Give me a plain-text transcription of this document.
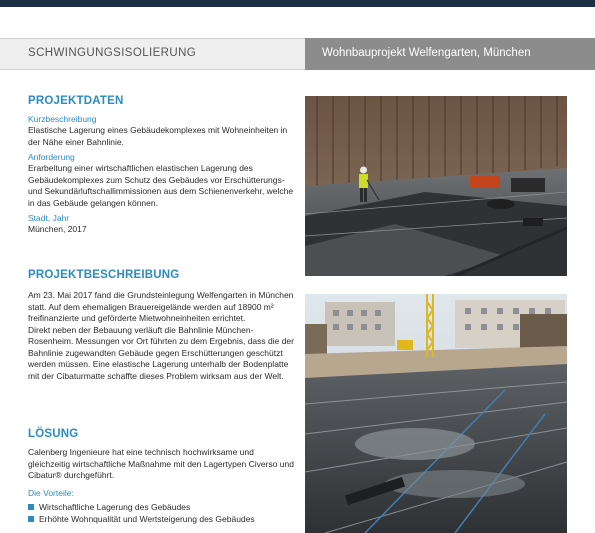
SCHWINGUNGSISOLIERUNG	Wohnbauprojekt Welfengarten, München
PROJEKTDATEN
Kurzbeschreibung
Elastische Lagerung eines Gebäudekomplexes mit Wohneinheiten in der Nähe einer Bahnlinie.
Anforderung
Erarbeitung einer wirtschaftlichen elastischen Lagerung des Gebäudekomplexes zum Schutz des Gebäudes vor Erschütterungs- und Sekundärluftschallimmissionen aus dem Schienenverkehr, welche in das Gebäude gelangen können.
Stadt, Jahr
München, 2017
PROJEKTBESCHREIBUNG
Am 23. Mai 2017 fand die Grundsteinlegung Welfengarten in München statt. Auf dem ehemaligen Brauereigelände werden auf 18900 m² freifinanzierte und geförderte Mietwohneinheiten errichtet.
Direkt neben der Bebauung verläuft die Bahnlinie München-Rosenheim. Messungen vor Ort führten zu dem Ergebnis, dass die der Bahnlinie zugewandten Gebäude gegen Erschütterungen geschützt werden müssen. Eine elastische Lagerung unterhalb der Bodenplatte mit der Cibaturmatte schaffte dieses Problem wirksam aus der Welt.
LÖSUNG
Calenberg Ingenieure hat eine technisch hochwirksame und gleichzeitig wirtschaftliche Maßnahme mit den Lagertypen Civerso und Cibatur® durchgeführt.
Die Vorteile:
Wirtschaftliche Lagerung des Gebäudes
Erhöhte Wohnqualität und Wertsteigerung des Gebäudes
